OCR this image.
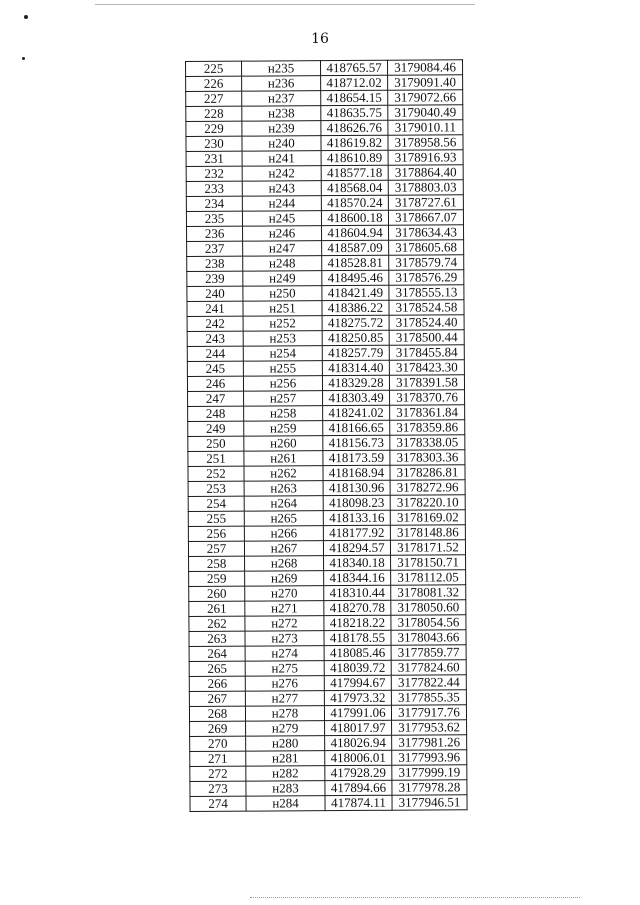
16
225	н235	418765.57	3179084.46
226	н236	418712.02	3179091.40
227	н237	418654.15	3179072.66
228	н238	418635.75	3179040.49
229	н239	418626.76	3179010.11
230	н240	418619.82	3178958.56
231	н241	418610.89	3178916.93
232	н242	418577.18	3178864.40
233	н243	418568.04	3178803.03
234	н244	418570.24	3178727.61
235	н245	418600.18	3178667.07
236	н246	418604.94	3178634.43
237	н247	418587.09	3178605.68
238	н248	418528.81	3178579.74
239	н249	418495.46	3178576.29
240	н250	418421.49	3178555.13
241	н251	418386.22	3178524.58
242	н252	418275.72	3178524.40
243	н253	418250.85	3178500.44
244	н254	418257.79	3178455.84
245	н255	418314.40	3178423.30
246	н256	418329.28	3178391.58
247	н257	418303.49	3178370.76
248	н258	418241.02	3178361.84
249	н259	418166.65	3178359.86
250	н260	418156.73	3178338.05
251	н261	418173.59	3178303.36
252	н262	418168.94	3178286.81
253	н263	418130.96	3178272.96
254	н264	418098.23	3178220.10
255	н265	418133.16	3178169.02
256	н266	418177.92	3178148.86
257	н267	418294.57	3178171.52
258	н268	418340.18	3178150.71
259	н269	418344.16	3178112.05
260	н270	418310.44	3178081.32
261	н271	418270.78	3178050.60
262	н272	418218.22	3178054.56
263	н273	418178.55	3178043.66
264	н274	418085.46	3177859.77
265	н275	418039.72	3177824.60
266	н276	417994.67	3177822.44
267	н277	417973.32	3177855.35
268	н278	417991.06	3177917.76
269	н279	418017.97	3177953.62
270	н280	418026.94	3177981.26
271	н281	418006.01	3177993.96
272	н282	417928.29	3177999.19
273	н283	417894.66	3177978.28
274	н284	417874.11	3177946.51
